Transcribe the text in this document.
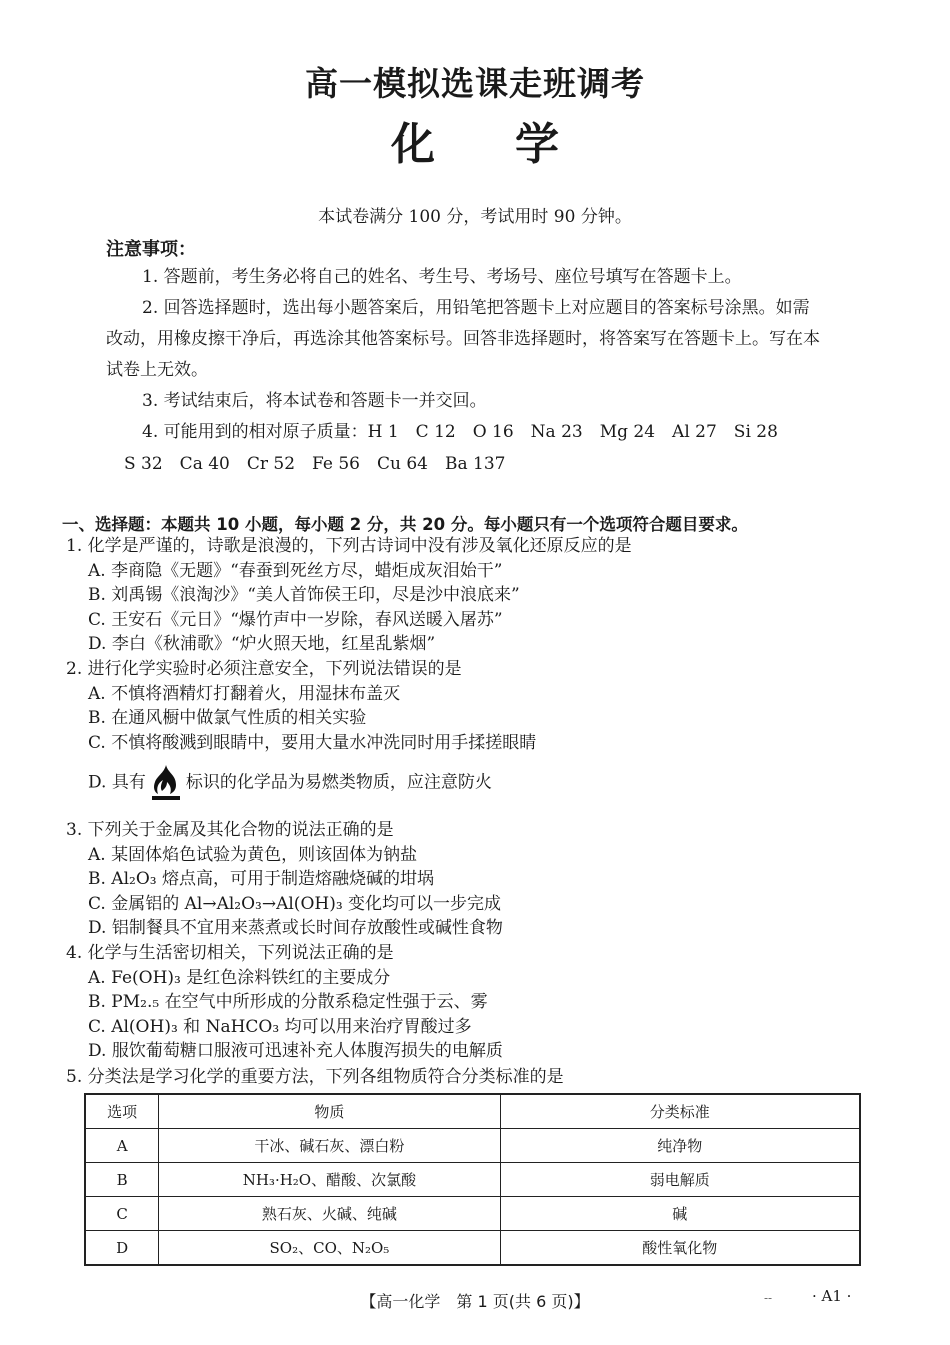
高一模拟选课走班调考
化学
本试卷满分 100 分，考试用时 90 分钟。
注意事项：

1. 答题前，考生务必将自己的姓名、考生号、考场号、座位号填写在答题卡上。

2. 回答选择题时，选出每小题答案后，用铅笔把答题卡上对应题目的答案标号涂黑。如需改动，用橡皮擦干净后，再选涂其他答案标号。回答非选择题时，将答案写在答题卡上。写在本试卷上无效。

3. 考试结束后，将本试卷和答题卡一并交回。

4. 可能用到的相对原子质量：H 1　C 12　O 16　Na 23　Mg 24　Al 27　Si 28

S 32　Ca 40　Cr 52　Fe 56　Cu 64　Ba 137
一、选择题：本题共 10 小题，每小题 2 分，共 20 分。每小题只有一个选项符合题目要求。

1. 化学是严谨的，诗歌是浪漫的，下列古诗词中没有涉及氧化还原反应的是

A. 李商隐《无题》“春蚕到死丝方尽，蜡炬成灰泪始干”

B. 刘禹锡《浪淘沙》“美人首饰侯王印，尽是沙中浪底来”

C. 王安石《元日》“爆竹声中一岁除，春风送暖入屠苏”

D. 李白《秋浦歌》“炉火照天地，红星乱紫烟”

2. 进行化学实验时必须注意安全，下列说法错误的是

A. 不慎将酒精灯打翻着火，用湿抹布盖灭

B. 在通风橱中做氯气性质的相关实验

C. 不慎将酸溅到眼睛中，要用大量水冲洗同时用手揉搓眼睛

D. 具有 标识的化学品为易燃类物质，应注意防火

3. 下列关于金属及其化合物的说法正确的是

A. 某固体焰色试验为黄色，则该固体为钠盐

B. Al₂O₃ 熔点高，可用于制造熔融烧碱的坩埚

C. 金属铝的 Al→Al₂O₃→Al(OH)₃ 变化均可以一步完成

D. 铝制餐具不宜用来蒸煮或长时间存放酸性或碱性食物

4. 化学与生活密切相关，下列说法正确的是

A. Fe(OH)₃ 是红色涂料铁红的主要成分

B. PM₂.₅ 在空气中所形成的分散系稳定性强于云、雾

C. Al(OH)₃ 和 NaHCO₃ 均可以用来治疗胃酸过多

D. 服饮葡萄糖口服液可迅速补充人体腹泻损失的电解质

5. 分类法是学习化学的重要方法，下列各组物质符合分类标准的是

选项	物质	分类标准
A	干冰、碱石灰、漂白粉	纯净物
B	NH₃·H₂O、醋酸、次氯酸	弱电解质
C	熟石灰、火碱、纯碱	碱
D	SO₂、CO、N₂O₅	酸性氧化物
【高一化学　第 1 页(共 6 页)】	--	· A1 ·
